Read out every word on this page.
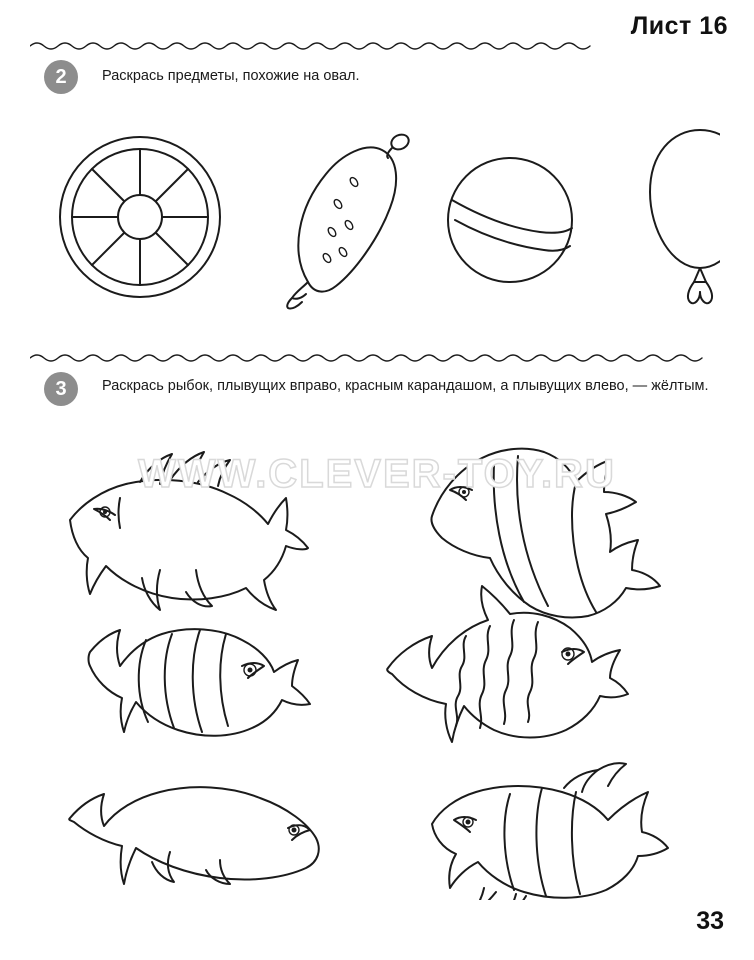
Лист 16
2	Раскрась предметы, похожие на овал.
3	Раскрась рыбок, плывущих вправо, красным карандашом, а плывущих влево, — жёлтым.
WWW.CLEVER-TOY.RU
33
